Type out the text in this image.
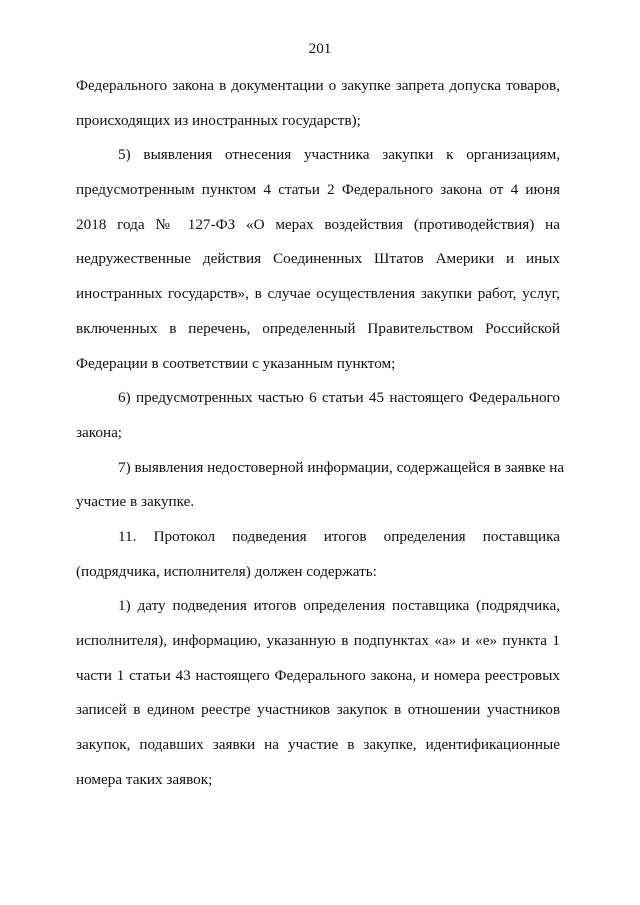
201
Федерального закона в документации о закупке запрета допуска товаров,
происходящих из иностранных государств);
5) выявления отнесения участника закупки к организациям,
предусмотренным пунктом 4 статьи 2 Федерального закона от 4 июня
2018 года № 127-ФЗ «О мерах воздействия (противодействия) на
недружественные действия Соединенных Штатов Америки и иных
иностранных государств», в случае осуществления закупки работ, услуг,
включенных в перечень, определенный Правительством Российской
Федерации в соответствии с указанным пунктом;
6) предусмотренных частью 6 статьи 45 настоящего Федерального
закона;
7) выявления недостоверной информации, содержащейся в заявке на
участие в закупке.
11. Протокол подведения итогов определения поставщика
(подрядчика, исполнителя) должен содержать:
1) дату подведения итогов определения поставщика (подрядчика,
исполнителя), информацию, указанную в подпунктах «а» и «е» пункта 1
части 1 статьи 43 настоящего Федерального закона, и номера реестровых
записей в едином реестре участников закупок в отношении участников
закупок, подавших заявки на участие в закупке, идентификационные
номера таких заявок;
